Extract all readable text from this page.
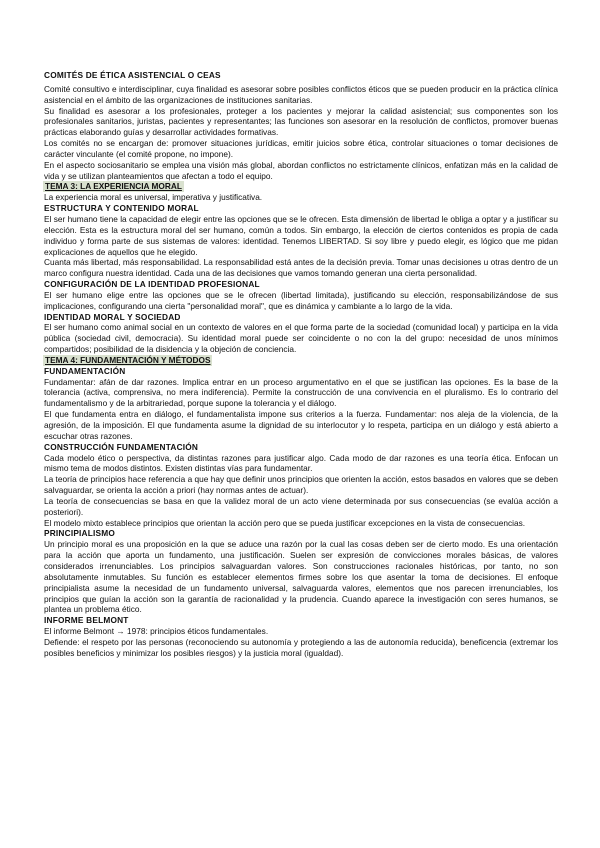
COMITÉS DE ÉTICA ASISTENCIAL O CEAS

Comité consultivo e interdisciplinar, cuya finalidad es asesorar sobre posibles conflictos éticos que se pueden producir en la práctica clínica asistencial en el ámbito de las organizaciones de instituciones sanitarias.

Su finalidad es asesorar a los profesionales, proteger a los pacientes y mejorar la calidad asistencial; sus componentes son los profesionales sanitarios, juristas, pacientes y representantes; las funciones son asesorar en la resolución de conflictos, promover buenas prácticas elaborando guías y desarrollar actividades formativas.

Los comités no se encargan de: promover situaciones jurídicas, emitir juicios sobre ética, controlar situaciones o tomar decisiones de carácter vinculante (el comité propone, no impone).

En el aspecto sociosanitario se emplea una visión más global, abordan conflictos no estrictamente clínicos, enfatizan más en la calidad de vida y se utilizan planteamientos que afectan a todo el equipo.

TEMA 3: LA EXPERIENCIA MORAL

La experiencia moral es universal, imperativa y justificativa.

ESTRUCTURA Y CONTENIDO MORAL

El ser humano tiene la capacidad de elegir entre las opciones que se le ofrecen. Esta dimensión de libertad le obliga a optar y a justificar su elección. Esta es la estructura moral del ser humano, común a todos. Sin embargo, la elección de ciertos contenidos es propia de cada individuo y forma parte de sus sistemas de valores: identidad. Tenemos LIBERTAD. Si soy libre y puedo elegir, es lógico que me pidan explicaciones de aquellos que he elegido.

Cuanta más libertad, más responsabilidad. La responsabilidad está antes de la decisión previa. Tomar unas decisiones u otras dentro de un marco configura nuestra identidad. Cada una de las decisiones que vamos tomando generan una cierta personalidad.

CONFIGURACIÓN DE LA IDENTIDAD PROFESIONAL

El ser humano elige entre las opciones que se le ofrecen (libertad limitada), justificando su elección, responsabilizándose de sus implicaciones, configurando una cierta "personalidad moral", que es dinámica y cambiante a lo largo de la vida.

IDENTIDAD MORAL Y SOCIEDAD

El ser humano como animal social en un contexto de valores en el que forma parte de la sociedad (comunidad local) y participa en la vida pública (sociedad civil, democracia). Su identidad moral puede ser coincidente o no con la del grupo: necesidad de unos mínimos compartidos; posibilidad de la disidencia y la objeción de conciencia.

TEMA 4: FUNDAMENTACIÓN Y MÉTODOS

FUNDAMENTACIÓN

Fundamentar: afán de dar razones. Implica entrar en un proceso argumentativo en el que se justifican las opciones. Es la base de la tolerancia (activa, comprensiva, no mera indiferencia). Permite la construcción de una convivencia en el pluralismo. Es lo contrario del fundamentalismo y de la arbitrariedad, porque supone la tolerancia y el diálogo.

El que fundamenta entra en diálogo, el fundamentalista impone sus criterios a la fuerza. Fundamentar: nos aleja de la violencia, de la agresión, de la imposición. El que fundamenta asume la dignidad de su interlocutor y lo respeta, participa en un diálogo y está abierto a escuchar otras razones.

CONSTRUCCIÓN FUNDAMENTACIÓN

Cada modelo ético o perspectiva, da distintas razones para justificar algo. Cada modo de dar razones es una teoría ética. Enfocan un mismo tema de modos distintos. Existen distintas vías para fundamentar.

La teoría de principios hace referencia a que hay que definir unos principios que orienten la acción, estos basados en valores que se deben salvaguardar, se orienta la acción a priori (hay normas antes de actuar).

La teoría de consecuencias se basa en que la validez moral de un acto viene determinada por sus consecuencias (se evalúa acción a posteriori).

El modelo mixto establece principios que orientan la acción pero que se pueda justificar excepciones en la vista de consecuencias.

PRINCIPIALISMO

Un principio moral es una proposición en la que se aduce una razón por la cual las cosas deben ser de cierto modo. Es una orientación para la acción que aporta un fundamento, una justificación. Suelen ser expresión de convicciones morales básicas, de valores considerados irrenunciables. Los principios salvaguardan valores. Son construcciones racionales históricas, por tanto, no son absolutamente inmutables. Su función es establecer elementos firmes sobre los que asentar la toma de decisiones. El enfoque principialista asume la necesidad de un fundamento universal, salvaguarda valores, elementos que nos parecen irrenunciables, los principios que guían la acción son la garantía de racionalidad y la prudencia. Cuando aparece la investigación con seres humanos, se plantea un problema ético.

INFORME BELMONT

El informe Belmont → 1978: principios éticos fundamentales.

Defiende: el respeto por las personas (reconociendo su autonomía y protegiendo a las de autonomía reducida), beneficencia (extremar los posibles beneficios y minimizar los posibles riesgos) y la justicia moral (igualdad).
